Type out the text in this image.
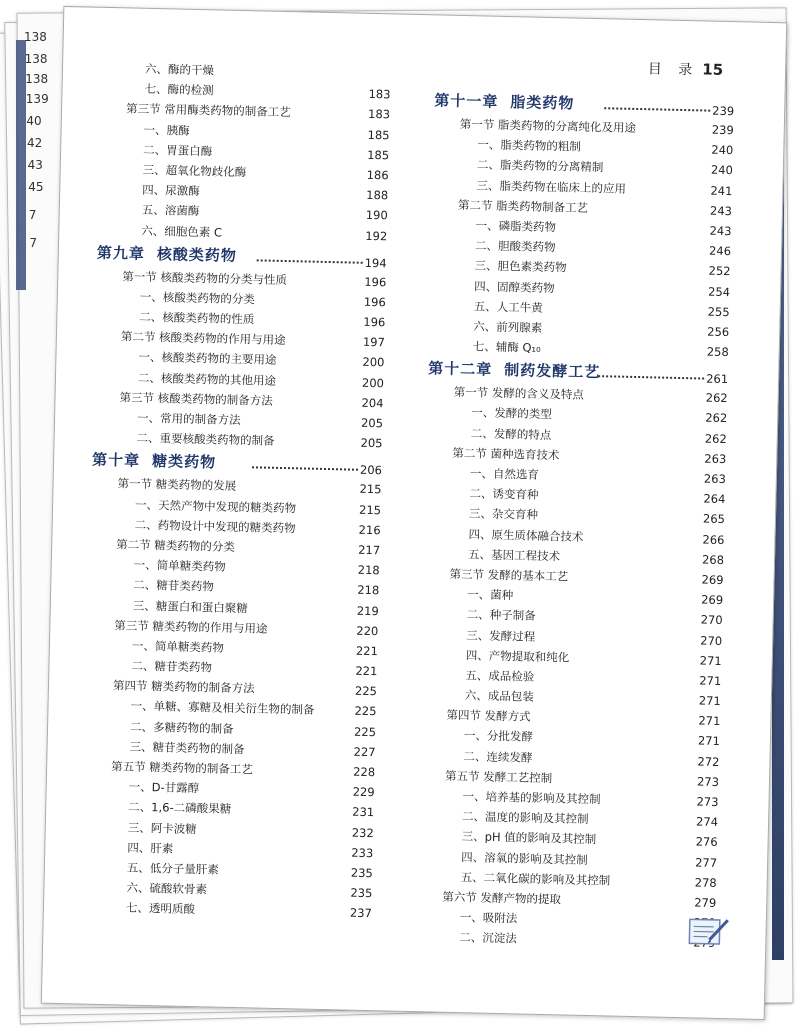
138
138
138
139
40
42
43
45
7
7
目 录 15
六、酶的干燥
七、酶的检测	183
第三节 常用酶类药物的制备工艺	183
一、胰酶	185
二、胃蛋白酶	185
三、超氧化物歧化酶	186
四、尿激酶	188
五、溶菌酶	190
六、细胞色素 C	192
第九章 核酸类药物	194
第一节 核酸类药物的分类与性质	196
一、核酸类药物的分类	196
二、核酸类药物的性质	196
第二节 核酸类药物的作用与用途	197
一、核酸类药物的主要用途	200
二、核酸类药物的其他用途	200
第三节 核酸类药物的制备方法	204
一、常用的制备方法	205
二、重要核酸类药物的制备	205
第十章 糖类药物	206
第一节 糖类药物的发展	215
一、天然产物中发现的糖类药物	215
二、药物设计中发现的糖类药物	216
第二节 糖类药物的分类	217
一、简单糖类药物	218
二、糖苷类药物	218
三、糖蛋白和蛋白聚糖	219
第三节 糖类药物的作用与用途	220
一、简单糖类药物	221
二、糖苷类药物	221
第四节 糖类药物的制备方法	225
一、单糖、寡糖及相关衍生物的制备	225
二、多糖药物的制备	225
三、糖苷类药物的制备	227
第五节 糖类药物的制备工艺	228
一、D-甘露醇	229
二、1,6-二磷酸果糖	231
三、阿卡波糖	232
四、肝素	233
五、低分子量肝素	235
六、硫酸软骨素	235
七、透明质酸	237
第十一章 脂类药物	239
第一节 脂类药物的分离纯化及用途	239
一、脂类药物的粗制	240
二、脂类药物的分离精制	240
三、脂类药物在临床上的应用	241
第二节 脂类药物制备工艺	243
一、磷脂类药物	243
二、胆酸类药物	246
三、胆色素类药物	252
四、固醇类药物	254
五、人工牛黄	255
六、前列腺素	256
七、辅酶 Q₁₀	258
第十二章 制药发酵工艺	261
第一节 发酵的含义及特点	262
一、发酵的类型	262
二、发酵的特点	262
第二节 菌种选育技术	263
一、自然选育	263
二、诱变育种	264
三、杂交育种	265
四、原生质体融合技术	266
五、基因工程技术	268
第三节 发酵的基本工艺	269
一、菌种	269
二、种子制备	270
三、发酵过程	270
四、产物提取和纯化	271
五、成品检验	271
六、成品包装	271
第四节 发酵方式	271
一、分批发酵	271
二、连续发酵	272
第五节 发酵工艺控制	273
一、培养基的影响及其控制	273
二、温度的影响及其控制	274
三、pH 值的影响及其控制	276
四、溶氧的影响及其控制	277
五、二氧化碳的影响及其控制	278
第六节 发酵产物的提取	279
一、吸附法
二、沉淀法
